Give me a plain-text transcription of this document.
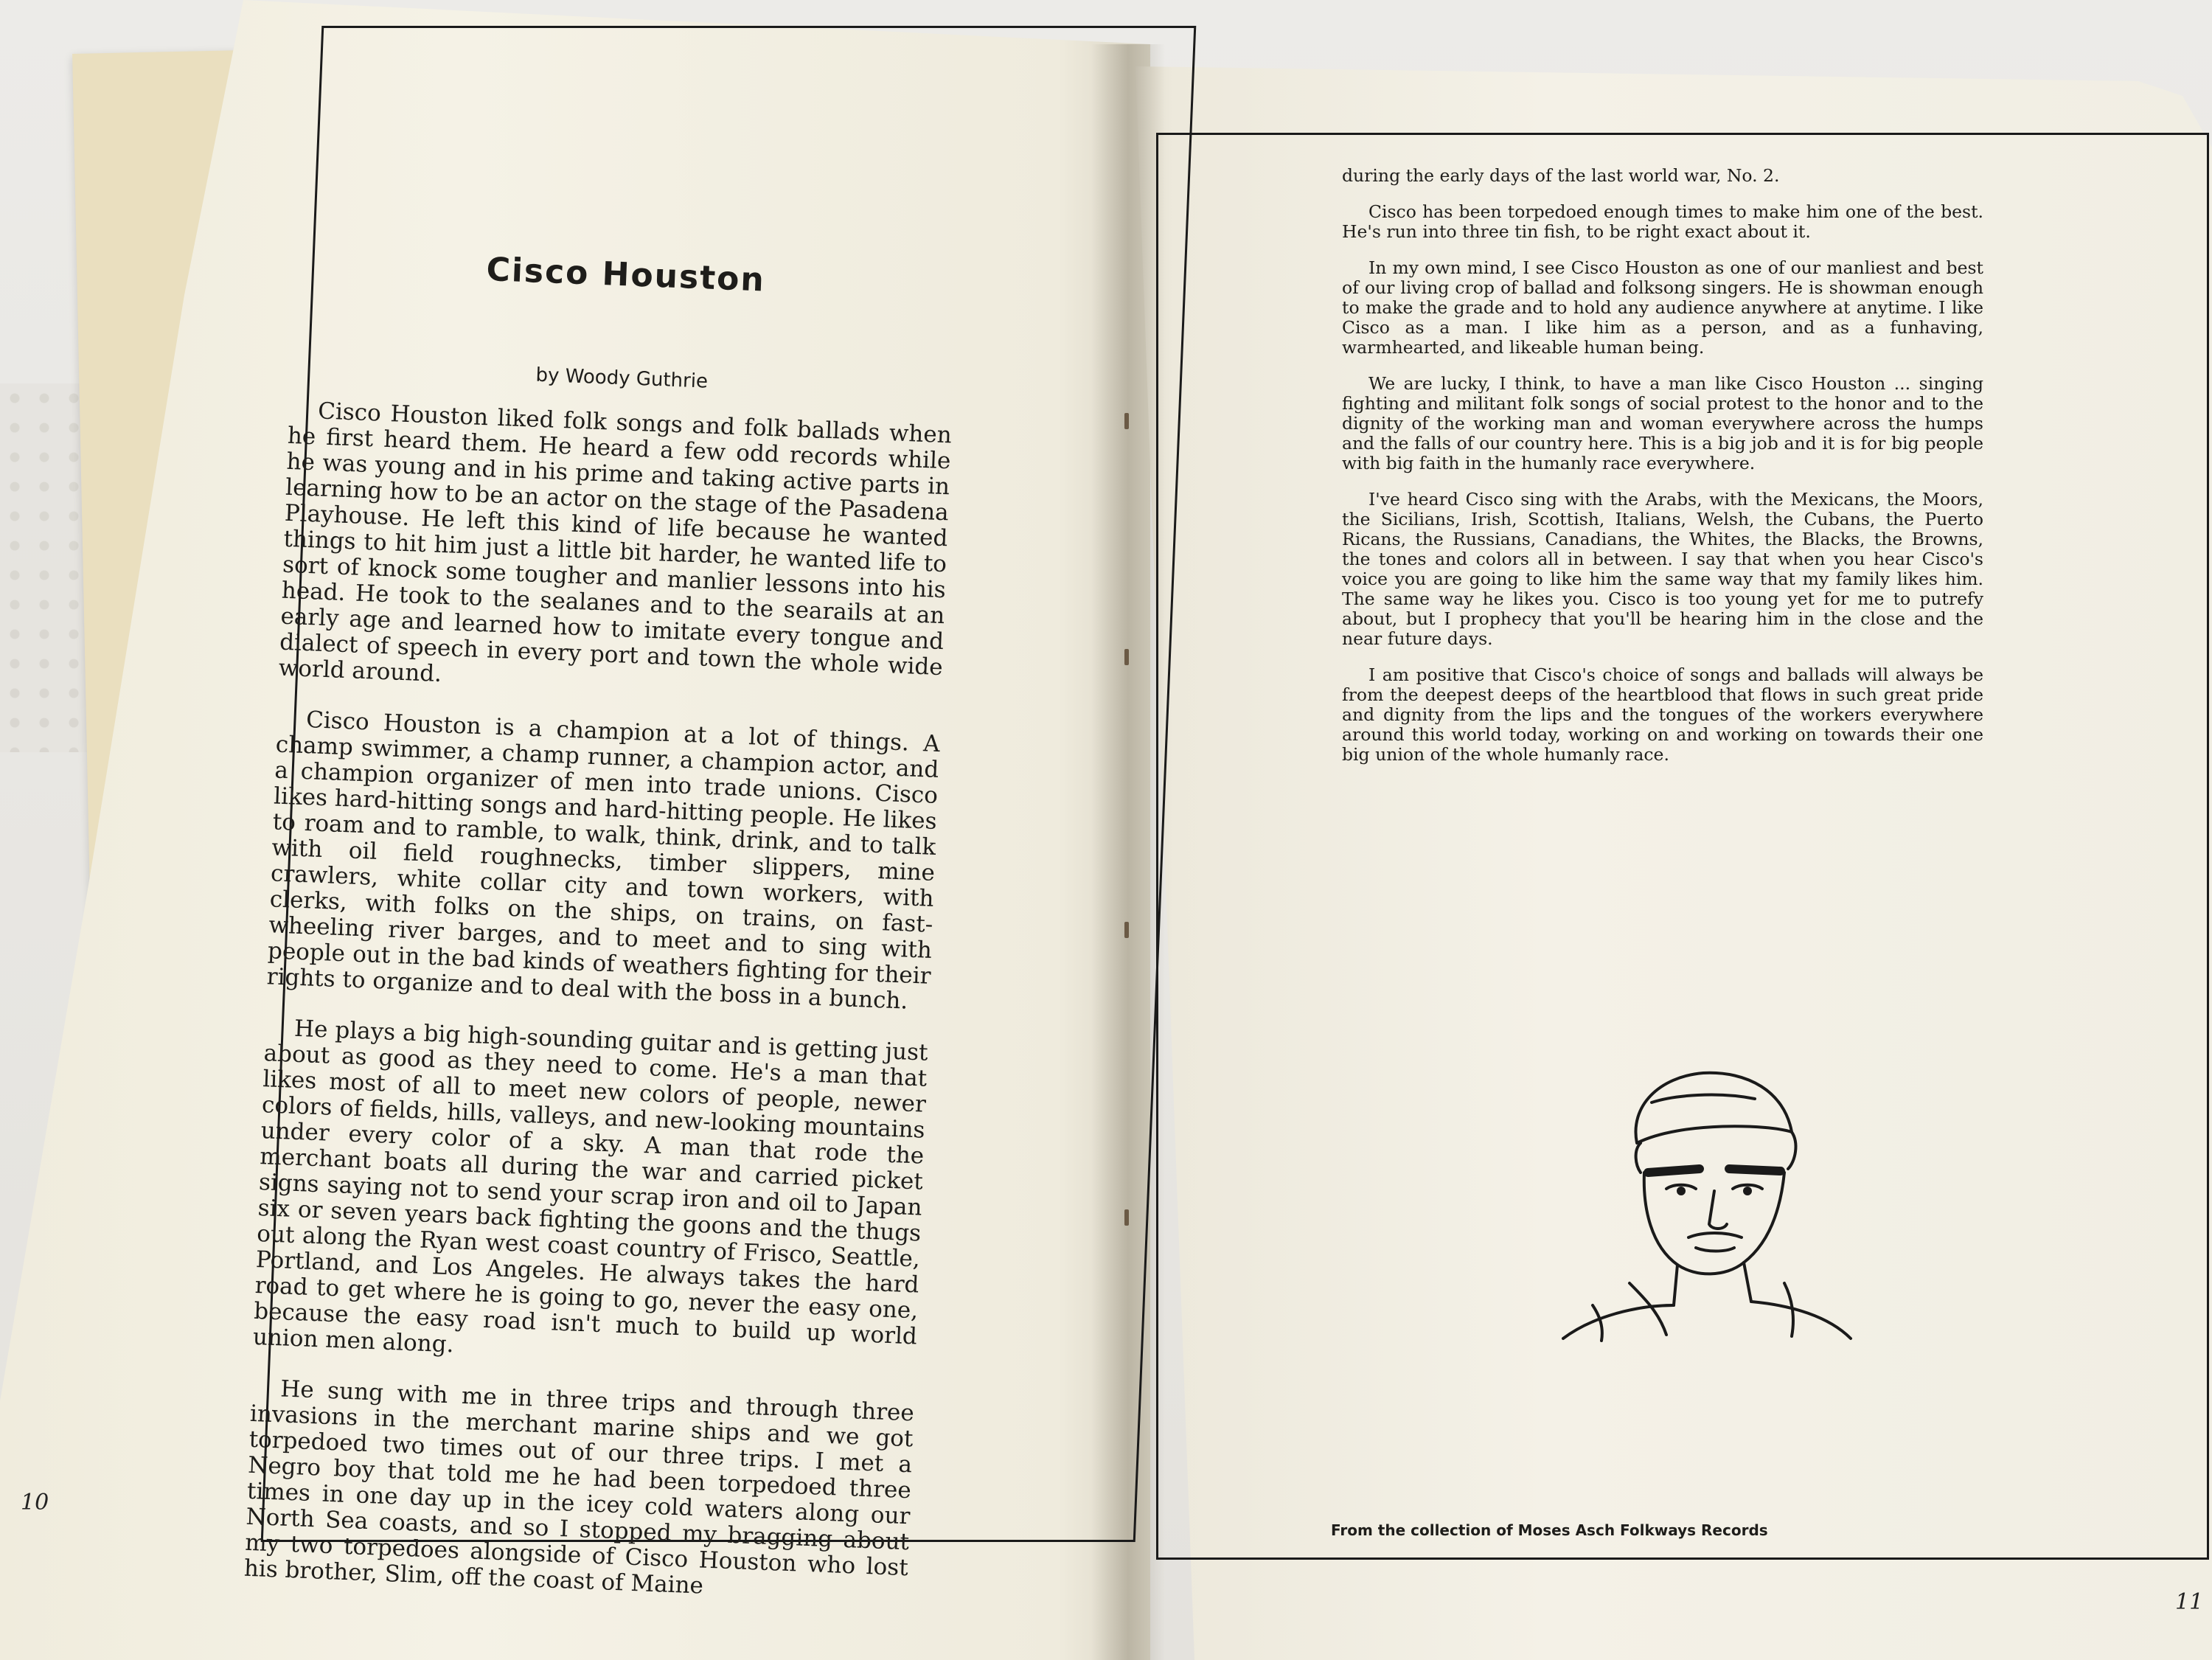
Cisco Houston
by Woody Guthrie

Cisco Houston liked folk songs and folk ballads when he first heard them. He heard a few odd records while he was young and in his prime and taking active parts in learning how to be an actor on the stage of the Pasadena Playhouse. He left this kind of life because he wanted things to hit him just a little bit harder, he wanted life to sort of knock some tougher and manlier lessons into his head. He took to the sealanes and to the searails at an early age and learned how to imitate every tongue and dialect of speech in every port and town the whole wide world around.

Cisco Houston is a champion at a lot of things. A champ swimmer, a champ runner, a champion actor, and a champion organizer of men into trade unions. Cisco likes hard-hitting songs and hard-hitting people. He likes to roam and to ramble, to walk, think, drink, and to talk with oil field roughnecks, timber slippers, mine crawlers, white collar city and town workers, with clerks, with folks on the ships, on trains, on fast-wheeling river barges, and to meet and to sing with people out in the bad kinds of weathers fighting for their rights to organize and to deal with the boss in a bunch.

He plays a big high-sounding guitar and is getting just about as good as they need to come. He's a man that likes most of all to meet new colors of people, newer colors of fields, hills, valleys, and new-looking mountains under every color of a sky. A man that rode the merchant boats all during the war and carried picket signs saying not to send your scrap iron and oil to Japan six or seven years back fighting the goons and the thugs out along the Ryan west coast country of Frisco, Seattle, Portland, and Los Angeles. He always takes the hard road to get where he is going to go, never the easy one, because the easy road isn't much to build up world union men along.

He sung with me in three trips and through three invasions in the merchant marine ships and we got torpedoed two times out of our three trips. I met a Negro boy that told me he had been torpedoed three times in one day up in the icey cold waters along our North Sea coasts, and so I stopped my bragging about my two torpedoes alongside of Cisco Houston who lost his brother, Slim, off the coast of Maine

10

during the early days of the last world war, No. 2.

Cisco has been torpedoed enough times to make him one of the best. He's run into three tin fish, to be right exact about it.

In my own mind, I see Cisco Houston as one of our manliest and best of our living crop of ballad and folksong singers. He is showman enough to make the grade and to hold any audience anywhere at anytime. I like Cisco as a man. I like him as a person, and as a funhaving, warmhearted, and likeable human being.

We are lucky, I think, to have a man like Cisco Houston ... singing fighting and militant folk songs of social protest to the honor and to the dignity of the working man and woman everywhere across the humps and the falls of our country here. This is a big job and it is for big people with big faith in the humanly race everywhere.

I've heard Cisco sing with the Arabs, with the Mexicans, the Moors, the Sicilians, Irish, Scottish, Italians, Welsh, the Cubans, the Puerto Ricans, the Russians, Canadians, the Whites, the Blacks, the Browns, the tones and colors all in between. I say that when you hear Cisco's voice you are going to like him the same way that my family likes him. The same way he likes you. Cisco is too young yet for me to putrefy about, but I prophecy that you'll be hearing him in the close and the near future days.

I am positive that Cisco's choice of songs and ballads will always be from the deepest deeps of the heartblood that flows in such great pride and dignity from the lips and the tongues of the workers everywhere around this world today, working on and working on towards their one big union of the whole humanly race.

From the collection of Moses Asch Folkways Records
11
